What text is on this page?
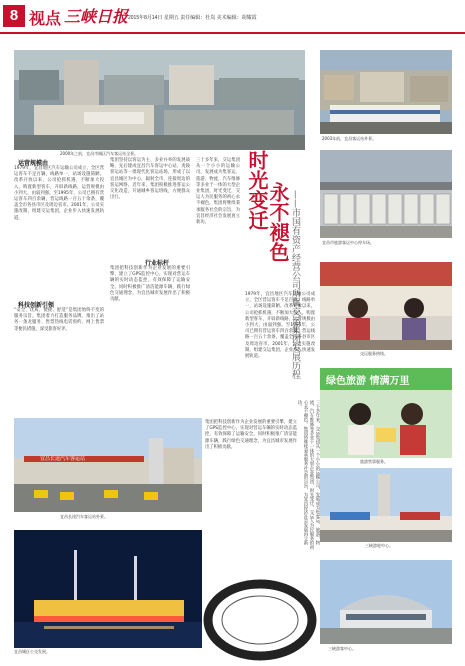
8 视点 三峡日报 2015年8月14日 星期五 责任编辑：杜岚 美术编辑：胡耀霞
2000年之前，宜昌市城区汽车客运站全景。
2003年前，宜昌客运站外景。
运营规模由
1979年，宜昌地区汽车运输公司成立，全区营运客车不足百辆，线路单一，站场设施简陋。改革开放以来，公司抢抓机遇，不断加大投入，购置新型客车，开辟新线路，运营规模由小到大，由弱到强。至1995年，公司已拥有营运客车四百余辆，营运线路一百五十余条，覆盖全市各县市区及周边省市。2001年，公司实施改制，组建交运集团，企业步入快速发展轨道。
科技创新引领
“安全、优质、便捷、舒适”是集团始终不变的服务宗旨。集团着力打造服务品牌，推出了站务一条龙服务、售票热线电话预约、网上售票等便民措施，深受旅客好评。
集团坚持以客运为主、多业并举的发展战略，先后建成宜昌汽车客运中心站、夷陵客运站等一批现代化客运站场，形成了以宜昌城区为中心，辐射全市、连接周边的客运网络。近年来，集团积极推进客运公交化改造，开通城乡客运班线，方便群众出行。
行业标杆
集团把科技创新作为企业发展的重要引擎，建立了GPS监控中心，实现对营运车辆的实时动态监控，有效保障了运输安全。同时积极推广清洁能源车辆，践行绿色交通理念，为宜昌城市发展作出了积极贡献。
三十多年来，交运集团从一个小小的运输公司，发展成为集客运、旅游、物流、汽车维修等多业于一体的大型企业集团，时光变迁，交运人为民服务的初心永不褪色。集团将继续秉承服务社会的宗旨，为宜昌经济社会发展再立新功。	时光变迁 永不褪色 ——市国有资产经营公司所属交运集团发展历程	宜昌市旅游客运中心停车场。
交运服务热线。
绿色旅游 情满万里
旅游售票服务。
三十多年来，交运集团从一个小小的运输公司，发展成为集客运、旅游、物流、汽车维修等多业于一体的大型企业集团，时光变迁，交运人为民服务的初心永不褪色。集团将继续秉承服务社会的宗旨，为宜昌经济社会发展再立新功。
三峡游轮中心。
三峡游客中心。
宜昌长途汽车客运站
宜昌长途汽车客运站外景。
宜昌城区公交发展。
1979年，宜昌地区汽车运输公司成立，全区营运客车不足百辆，线路单一，站场设施简陋。改革开放以来，公司抢抓机遇，不断加大投入，购置新型客车，开辟新线路，运营规模由小到大，由弱到强。至1995年，公司已拥有营运客车四百余辆，营运线路一百五十余条，覆盖全市各县市区及周边省市。2001年，公司实施改制，组建交运集团，企业步入快速发展轨道。
集团把科技创新作为企业发展的重要引擎，建立了GPS监控中心，实现对营运车辆的实时动态监控，有效保障了运输安全。同时积极推广清洁能源车辆，践行绿色交通理念，为宜昌城市发展作出了积极贡献。
